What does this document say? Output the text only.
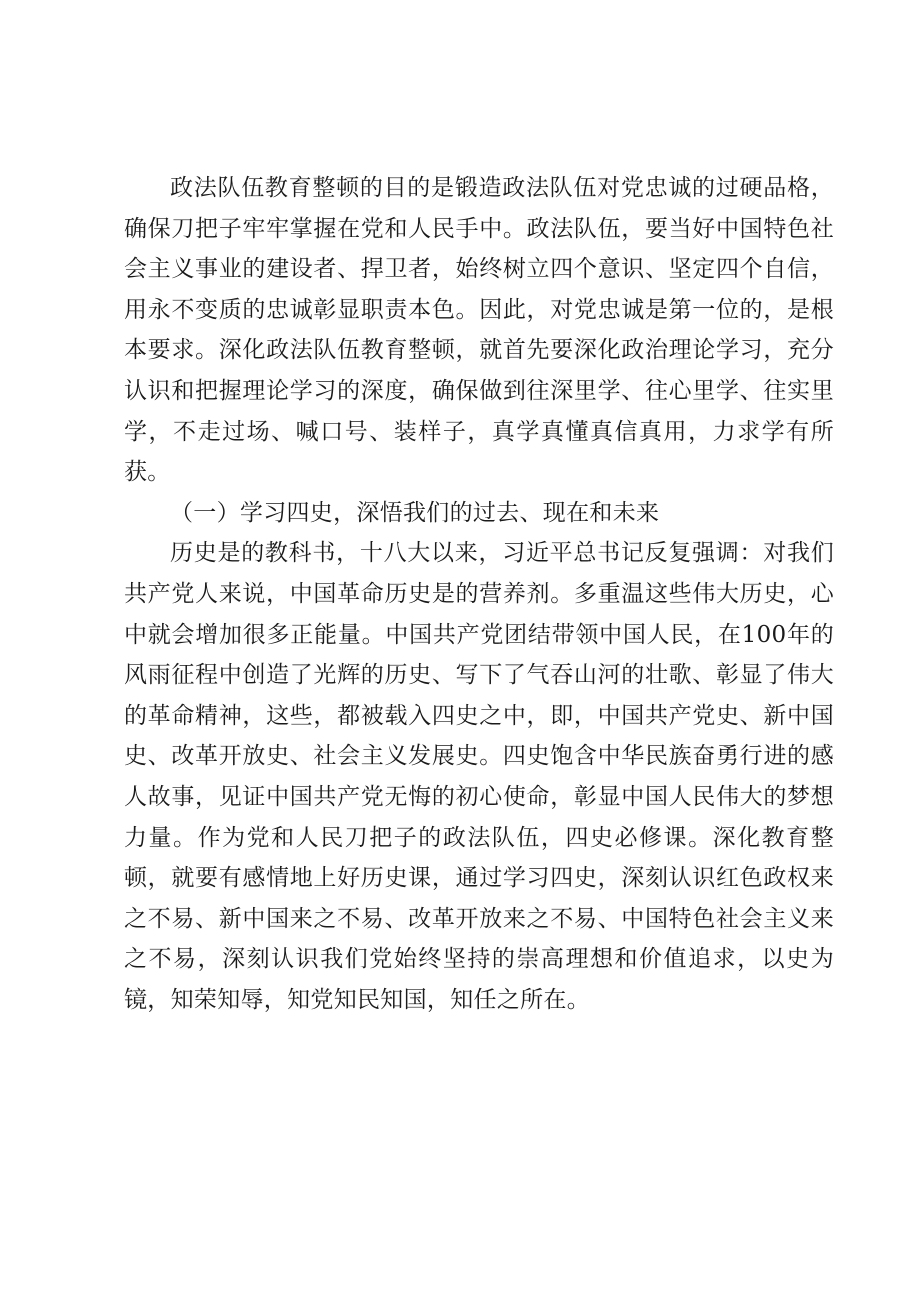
政法队伍教育整顿的目的是锻造政法队伍对党忠诚的过硬品格，确保刀把子牢牢掌握在党和人民手中。政法队伍，要当好中国特色社会主义事业的建设者、捍卫者，始终树立四个意识、坚定四个自信，用永不变质的忠诚彰显职责本色。因此，对党忠诚是第一位的，是根本要求。深化政法队伍教育整顿，就首先要深化政治理论学习，充分认识和把握理论学习的深度，确保做到往深里学、往心里学、往实里学，不走过场、喊口号、装样子，真学真懂真信真用，力求学有所获。

（一）学习四史，深悟我们的过去、现在和未来

历史是的教科书，十八大以来，习近平总书记反复强调：对我们共产党人来说，中国革命历史是的营养剂。多重温这些伟大历史，心中就会增加很多正能量。中国共产党团结带领中国人民，在100年的风雨征程中创造了光辉的历史、写下了气吞山河的壮歌、彰显了伟大的革命精神，这些，都被载入四史之中，即，中国共产党史、新中国史、改革开放史、社会主义发展史。四史饱含中华民族奋勇行进的感人故事，见证中国共产党无悔的初心使命，彰显中国人民伟大的梦想力量。作为党和人民刀把子的政法队伍，四史必修课。深化教育整顿，就要有感情地上好历史课，通过学习四史，深刻认识红色政权来之不易、新中国来之不易、改革开放来之不易、中国特色社会主义来之不易，深刻认识我们党始终坚持的崇高理想和价值追求，以史为镜，知荣知辱，知党知民知国，知任之所在。
